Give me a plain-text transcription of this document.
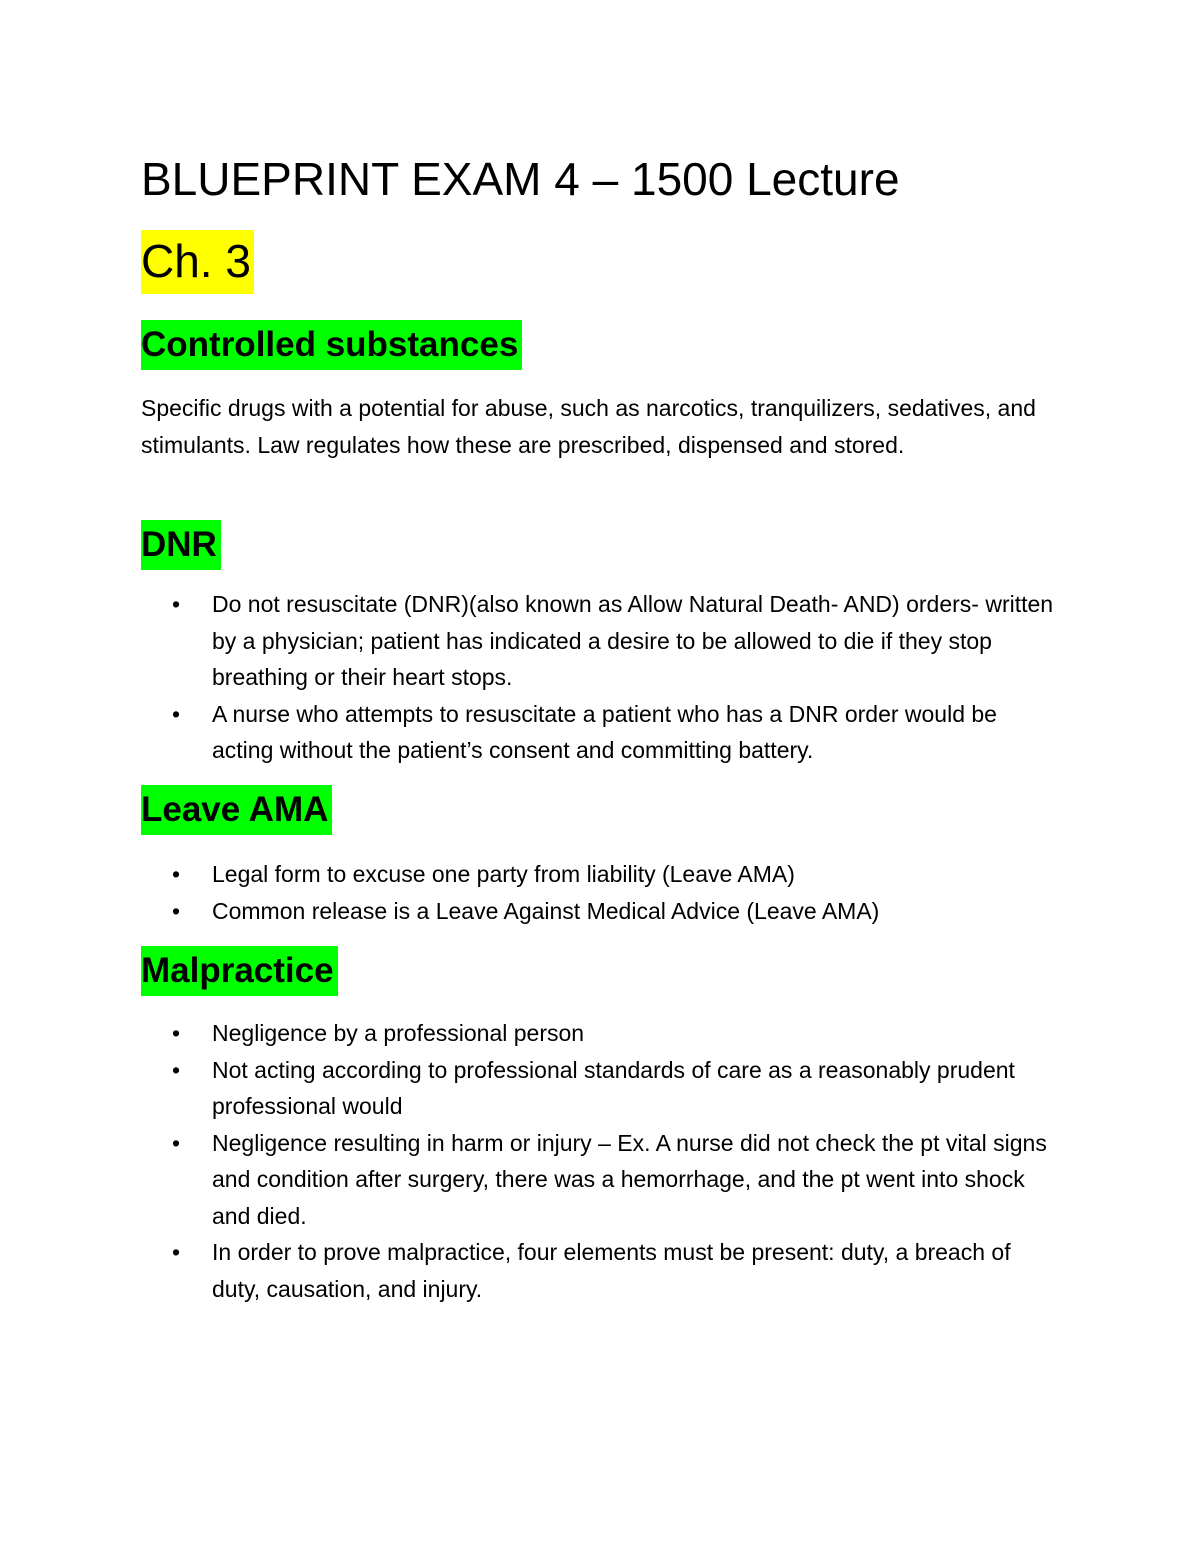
BLUEPRINT EXAM 4 – 1500 Lecture
Ch. 3
Controlled substances

Specific drugs with a potential for abuse, such as narcotics, tranquilizers, sedatives, and stimulants. Law regulates how these are prescribed, dispensed and stored.

DNR
• Do not resuscitate (DNR)(also known as Allow Natural Death- AND) orders- written by a physician; patient has indicated a desire to be allowed to die if they stop breathing or their heart stops.
• A nurse who attempts to resuscitate a patient who has a DNR order would be acting without the patient’s consent and committing battery.
Leave AMA
• Legal form to excuse one party from liability (Leave AMA)
• Common release is a Leave Against Medical Advice (Leave AMA)
Malpractice
• Negligence by a professional person
• Not acting according to professional standards of care as a reasonably prudent professional would
• Negligence resulting in harm or injury – Ex. A nurse did not check the pt vital signs and condition after surgery, there was a hemorrhage, and the pt went into shock and died.
• In order to prove malpractice, four elements must be present: duty, a breach of duty, causation, and injury.
